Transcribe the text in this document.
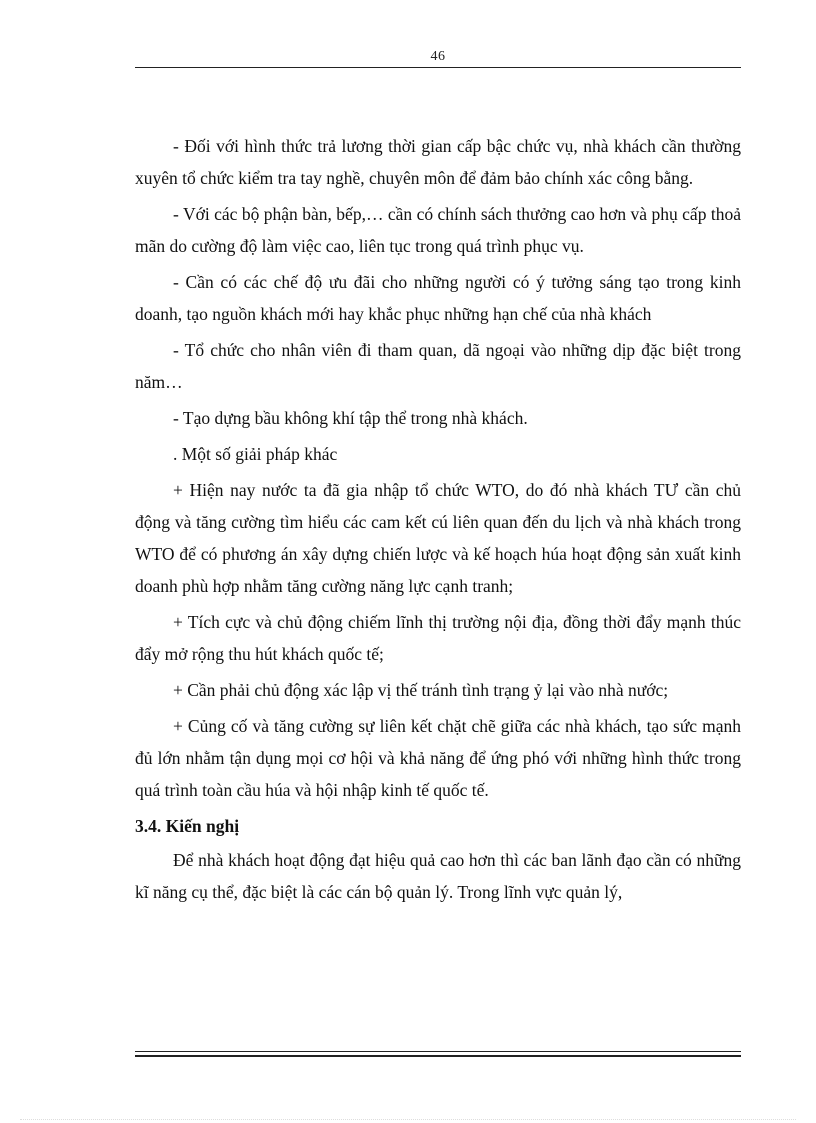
46

- Đối với hình thức trả lương thời gian cấp bậc chức vụ, nhà khách cần thường xuyên tổ chức kiểm tra tay nghề, chuyên môn để đảm bảo chính xác công bằng.

- Với các bộ phận bàn, bếp,… cần có chính sách thưởng cao hơn và phụ cấp thoả mãn do cường độ làm việc cao, liên tục trong quá trình phục vụ.

- Cần có các chế độ ưu đãi cho những người có ý tưởng sáng tạo trong kinh doanh, tạo nguồn khách mới hay khắc phục những hạn chế của nhà khách

- Tổ chức cho nhân viên đi tham quan, dã ngoại vào những dịp đặc biệt trong năm…

- Tạo dựng bầu không khí tập thể trong nhà khách.

. Một số giải pháp khác

+ Hiện nay nước ta đã gia nhập tổ chức WTO, do đó nhà khách TƯ cần chủ động và tăng cường tìm hiểu các cam kết cú liên quan đến du lịch và nhà khách trong WTO để có phương án xây dựng chiến lược và kế hoạch húa hoạt động sản xuất kinh doanh phù hợp nhằm tăng cường năng lực cạnh tranh;

+ Tích cực và chủ động chiếm lĩnh thị trường nội địa, đồng thời đẩy mạnh thúc đẩy mở rộng thu hút khách quốc tế;

+ Cần phải chủ động xác lập vị thế tránh tình trạng ỷ lại vào nhà nước;

+ Củng cố và tăng cường sự liên kết chặt chẽ giữa các nhà khách, tạo sức mạnh đủ lớn nhằm tận dụng mọi cơ hội và khả năng để ứng phó với những hình thức trong quá trình toàn cầu húa và hội nhập kinh tế quốc tế.

3.4. Kiến nghị

Để nhà khách hoạt động đạt hiệu quả cao hơn thì các ban lãnh đạo cần có những kĩ năng cụ thể, đặc biệt là các cán bộ quản lý. Trong lĩnh vực quản lý,
